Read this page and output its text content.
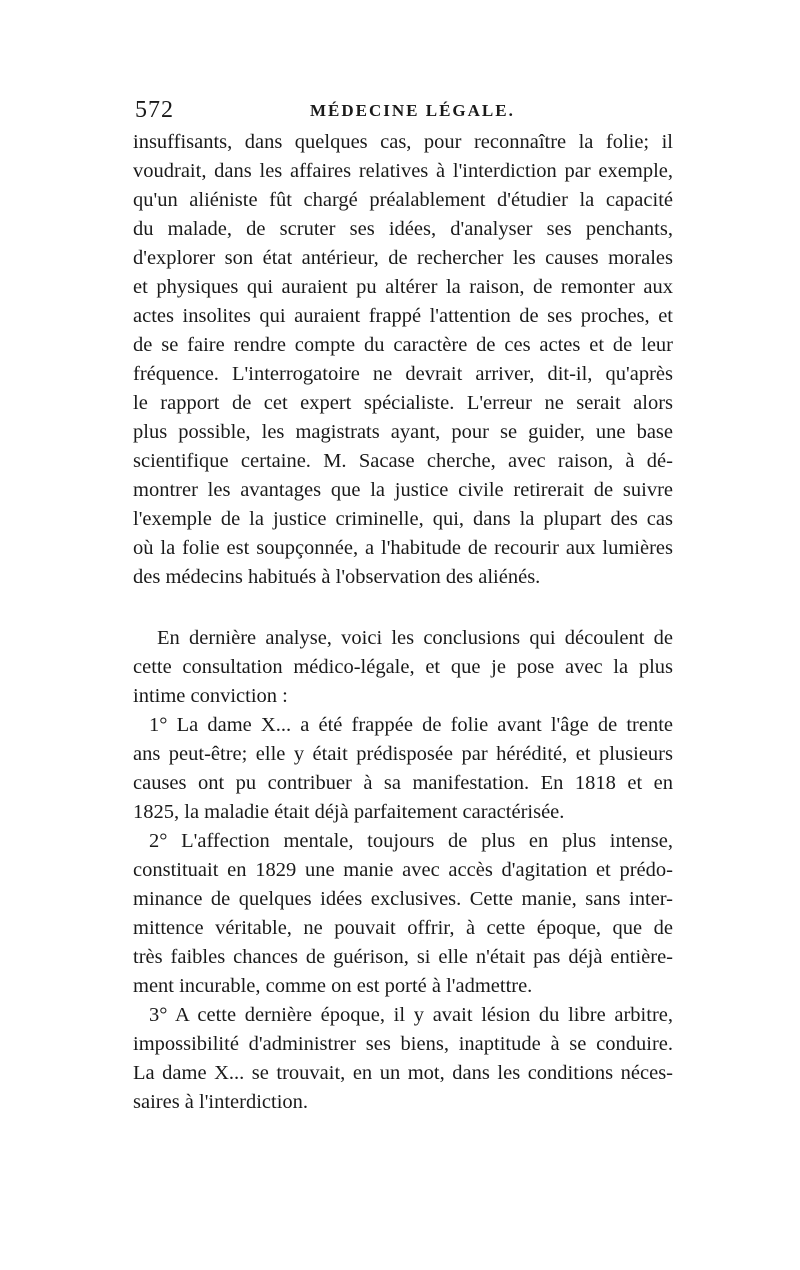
572	MÉDECINE LÉGALE.

insuffisants, dans quelques cas, pour reconnaître la folie; il
voudrait, dans les affaires relatives à l'interdiction par exemple,
qu'un aliéniste fût chargé préalablement d'étudier la capacité
du malade, de scruter ses idées, d'analyser ses penchants,
d'explorer son état antérieur, de rechercher les causes morales
et physiques qui auraient pu altérer la raison, de remonter aux
actes insolites qui auraient frappé l'attention de ses proches, et
de se faire rendre compte du caractère de ces actes et de leur
fréquence. L'interrogatoire ne devrait arriver, dit-il, qu'après
le rapport de cet expert spécialiste. L'erreur ne serait alors
plus possible, les magistrats ayant, pour se guider, une base
scientifique certaine. M. Sacase cherche, avec raison, à dé-
montrer les avantages que la justice civile retirerait de suivre
l'exemple de la justice criminelle, qui, dans la plupart des cas
où la folie est soupçonnée, a l'habitude de recourir aux lumières
des médecins habitués à l'observation des aliénés.

En dernière analyse, voici les conclusions qui découlent de
cette consultation médico-légale, et que je pose avec la plus
intime conviction :

1° La dame X... a été frappée de folie avant l'âge de trente
ans peut-être; elle y était prédisposée par hérédité, et plusieurs
causes ont pu contribuer à sa manifestation. En 1818 et en
1825, la maladie était déjà parfaitement caractérisée.

2° L'affection mentale, toujours de plus en plus intense,
constituait en 1829 une manie avec accès d'agitation et prédo-
minance de quelques idées exclusives. Cette manie, sans inter-
mittence véritable, ne pouvait offrir, à cette époque, que de
très faibles chances de guérison, si elle n'était pas déjà entière-
ment incurable, comme on est porté à l'admettre.

3° A cette dernière époque, il y avait lésion du libre arbitre,
impossibilité d'administrer ses biens, inaptitude à se conduire.
La dame X... se trouvait, en un mot, dans les conditions néces-
saires à l'interdiction.
